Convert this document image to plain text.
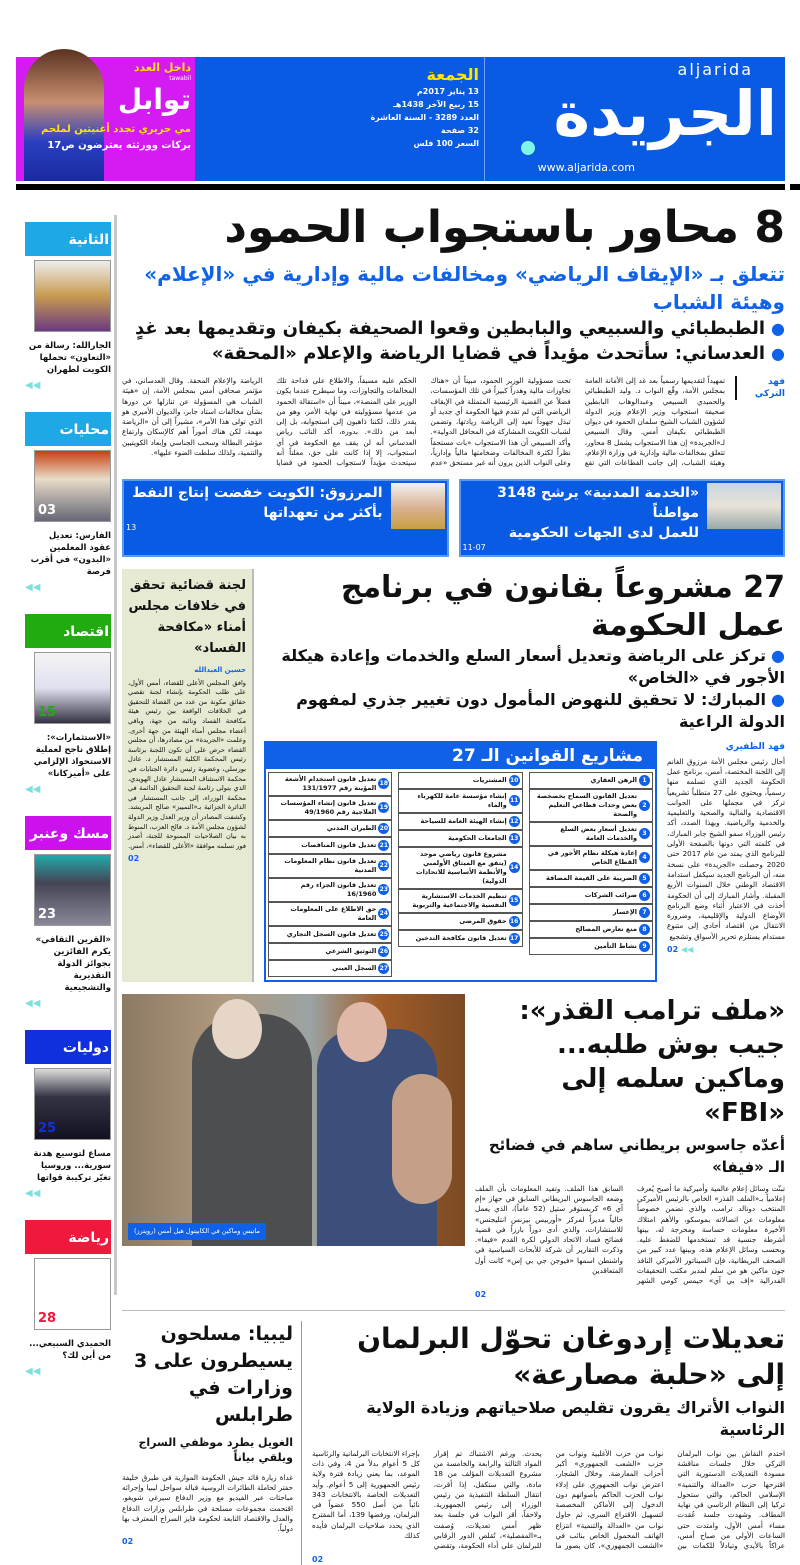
aljarida
الجريدة
www.aljarida.com
الجمعة
13 يناير 2017م
15 ربيع الآخر 1438هـ
العدد 3289 - السنة العاشرة
32 صفحة
السعر 100 فلس
داخل العدد
tawabil
توابل
مي حريري تجدد أغنيتين لملحم
بركات وورثته يعترضون ص17
الثانية
الجارالله: رسالة من «التعاون» تحملها الكويت لطهران
◀◀
محليات
03
الفارس: تعديل عقود المعلمين «البدون» في أقرب فرصة
◀◀
اقتصاد
15
«الاستثمارات»: إطلاق ناجح لعملية الاستحواذ الإلزامي على «أميركانا»
◀◀
مسك وعنبر
23
«القرين الثقافي» يكرم الفائزين بجوائز الدولة التقديرية والتشجيعية
◀◀
دوليات
25
مساع لتوسيع هدنة سورية... وروسيا تغيّر تركيبة قواتها
◀◀
رياضة
28
الحميدي السبيعي... من أين لك؟
◀◀
8 محاور باستجواب الحمود
تتعلق بـ «الإيقاف الرياضي» ومخالفات مالية وإدارية في «الإعلام» وهيئة الشباب
●الطبطبائي والسبيعي والبابطين وقعوا الصحيفة بكيفان وتقديمها بعد غدٍ
●العدساني: سأتحدث مؤيداً في قضايا الرياضة والإعلام «المحقة»
فهد التركي
تمهيداً لتقديمها رسمياً بعد غد إلى الأمانة العامة بمجلس الأمة، وقّع النواب د. وليد الطبطبائي والحميدي السبيعي وعبدالوهاب البابطين صحيفة استجواب وزير الإعلام وزير الدولة لشؤون الشباب الشيخ سلمان الحمود في ديوان الطبطبائي بكيفان أمس. وقال السبيعي لـ«الجريدة» إن هذا الاستجواب يشمل 8 محاور، تتعلق بمخالفات مالية وإدارية في وزارة الإعلام، وهيئة الشباب، إلى جانب القطاعات التي تقع تحت مسؤولية الوزير الحمود، مبيناً أن «هناك تجاوزات مالية وهدراً كبيراً في تلك المؤسسات، فضلاً عن القضية الرئيسية المتمثلة في الإيقاف الرياضي التي لم تقدم فيها الحكومة أي جديد أو تبذل جهوداً تعيد إلى الرياضة ريادتها، وتضمن لشباب الكويت المشاركة في المحافل الدولية». وأكد السبيعي أن هذا الاستجواب «بات مستحقاً نظراً لكثرة المخالفات وضخامتها مالياً وإدارياً، وعلى النواب الذين يرون أنه غير مستحق «عدم الحكم عليه مسبقاً، والاطلاع على فداحة تلك المخالفات والتجاوزات، وما سيطرح عندما يكون الوزير على المنصة»، مبيناً أن «استقالة الحمود من عدمها مسؤوليته في نهاية الأمر، وهو من يقدر ذلك، لكننا ذاهبون إلى استجوابه، بل إلى أبعد من ذلك». بدوره، أكد النائب رياض العدساني أنه لن يقف مع الحكومة في أي استجواب، إلا إذا كانت على حق، معلناً أنه سيتحدث مؤيداً لاستجواب الحمود في قضايا الرياضة والإعلام المحقة. وقال العدساني، في مؤتمر صحافي أمس بمجلس الأمة، إن «هيئة الشباب هي المسؤولة عن تنازلها عن دورها بشأن مخالفات استاد جابر، والديوان الأميري هو الذي تولى هذا الأمر»، مشيراً إلى أن «الرياضة مهمة، لكن هناك أموراً أهم كالإسكان وارتفاع مؤشر البطالة وسحب الجناسي وإبعاد الكويتيين والتنمية، ولذلك سلطت الضوء عليها».
«الخدمة المدنية» يرشح 3148 مواطناً
للعمل لدى الجهات الحكومية
11-07
المرزوق: الكويت خفضت إنتاج النفط
بأكثر من تعهداتها
13
27 مشروعاً بقانون في برنامج عمل الحكومة
●تركز على الرياضة وتعديل أسعار السلع والخدمات وإعادة هيكلة الأجور في «الخاص»
●المبارك: لا تحقيق للنهوض المأمول دون تغيير جذري لمفهوم الدولة الراعية
فهد الظفيري
أحال رئيس مجلس الأمة مرزوق الغانم إلى اللجنة المختصة، أمس، برنامج عمل الحكومة الجديد الذي تسلمه منها رسمياً، ويحتوي على 27 متطلباً تشريعياً تركز في مجملها على الجوانب الاقتصادية والمالية والصحية والتعليمية والخدمية والرياضية. وبهذا الصدد، أكد رئيس الوزراء سمو الشيخ جابر المبارك، في كلمته التي دونها بالصفحة الأولى للبرنامج الذي يمتد من عام 2017 حتى 2020 وحصلت «الجريدة» على نسخة منه، أن البرنامج الجديد سيكفل استدامة الاقتصاد الوطني خلال السنوات الأربع المقبلة. وأشار المبارك إلى أن الحكومة أخذت في الاعتبار أثناء وضع البرنامج الأوضاع الدولية والإقليمية، وضرورة الانتقال من اقتصاد أحادي إلى متنوع مستدام يستلزم تحرير الأسواق وتشجيع
◀◀ 02
مشاريع القوانين الـ 27
1
الرهن العقاري
2
تعديل القانون السماح بخصخصة بعض وحدات قطاعي التعليم والصحة
3
تعديل أسعار بعض السلع والخدمات العامة
4
إعادة هيكلة نظام الأجور في القطاع الخاص
5
الضريبة على القيمة المضافة
6
ضرائب الشركات
7
الإعسار
8
منع تعارض المصالح
9
نشاط التأمين
10
المشتريات
11
إنشاء مؤسسة عامة للكهرباء والماء
12
إنشاء الهيئة العامة للسياحة
13
الجامعات الحكومية
14
مشروع قانون رياضي موحد (يتفق مع الميثاق الأولمبي والأنظمة الأساسية للاتحادات الدولية)
15
تنظيم الخدمات الاستشارية النفسية والاجتماعية والتربوية
16
حقوق المرضى
17
تعديل قانون مكافحة التدخين
18
تعديل قانون استخدام الأشعة المؤينة رقم 131/1977
19
تعديل قانون إنشاء المؤسسات العلاجية رقم 49/1960
20
الطيران المدني
21
تعديل قانون المناقصات
22
تعديل قانون نظام المعلومات المدنية
23
تعديل قانون الجزاء رقم 16/1960
24
حق الاطلاع على المعلومات العامة
25
تعديل قانون السجل التجاري
26
التوثيق الشرعي
27
السجل العيني
لجنة قضائية تحقق في خلافات مجلس أمناء «مكافحة الفساد»
حسين العبدالله
وافق المجلس الأعلى للقضاء، أمس الأول، على طلب الحكومة بإنشاء لجنة تقصي حقائق مكونة من عدد من القضاة للتحقيق في الخلافات الواقعة بين رئيس هيئة مكافحة الفساد ونائبه من جهة، وباقي أعضاء مجلس أمناء الهيئة من جهة أخرى. وعلمت «الجريدة» من مصادرها، أن مجلس القضاء حرص على أن تكون اللجنة برئاسة رئيس المحكمة الكلية المستشار د. عادل بورسلي، وعضوية رئيس دائرة الجنايات في محكمة الاستئناف المستشار عادل الهويدي، الذي يتولى رئاسة لجنة التحقيق الدائمة في محكمة الوزراء، إلى جانب المستشار في الدائرة الجزائية بـ«التمييز» صالح المريشد. وكشفت المصادر أن وزير العدل وزير الدولة لشؤون مجلس الأمة د. فالح العزب، المنوط به بيان الصلاحيات الممنوحة للجنة، أصدر فور تسلمه موافقة «الأعلى للقضاء»، أمس.
02
«ملف ترامب القذر»: جيب بوش طلبه... وماكين سلمه إلى «FBI»
أعدّه جاسوس بريطاني ساهم في فضائح الـ «فيفا»
تبنّت وسائل إعلام عالمية وأميركية ما أصبح يُعرف إعلامياً بـ«الملف القذر» الخاص بالرئيس الأميركي المنتخب دونالد ترامب، والذي تضمن خصوصاً معلومات عن اتصالاته بموسكو، والأهم امتلاك الأخيرة معلومات حساسة ومحرجة له، بينها أشرطة جنسية قد تستخدمها للضغط عليه. وبحسب وسائل الإعلام هذه، وبينها عدد كبير من الصحف البريطانية، فإن السيناتور الأميركي النافذ جون ماكين هو من سلم لمدير مكتب التحقيقات الفدرالية «إف بي آي» جيمس كومي الشهر السابق هذا الملف. وتفيد المعلومات بأن الملف وضعه الجاسوس البريطاني السابق في جهاز «إم آي 6» كريستوفر ستيل (52 عاماً)، الذي يعمل حالياً مديراً لمركز «أوربيس بيزنس انتليجنس» للاستشارات، والذي أدى دوراً بارزاً في قضية فضائح فساد الاتحاد الدولي لكرة القدم «فيفا». وذكرت التقارير أن شركة للأبحاث السياسية في واشنطن اسمها «فيوجن جي بي إس» كانت أول المتعاقدين
02
ماتيس وماكين في الكابيتول هيل أمس (رويترز)
تعديلات إردوغان تحوّل البرلمان إلى «حلبة مصارعة»
النواب الأتراك يقرون تقليص صلاحياتهم وزيادة الولاية الرئاسية
احتدم النقاش بين نواب البرلمان التركي خلال جلسات مناقشة مسودة التعديلات الدستورية التي اقترحها حزب «العدالة والتنمية» الإسلامي الحاكم، والتي ستحول تركيا إلى النظام الرئاسي في نهاية المطاف. وشهدت جلسة عُقدت مساء أمس الأول، وامتدت حتى الساعات الأولى من صباح أمس، عراكاً بالأيدي وتبادلاً للكمات بين نواب من حزب الأغلبية ونواب من حزب «الشعب الجمهوري» أكبر أحزاب المعارضة. وخلال الشجار، اعترض نواب الجمهوري على إدلاء نواب الحزب الحاكم بأصواتهم دون الدخول إلى الأماكن المخصصة لتسهيل الاقتراع السري، ثم حاول نواب من «العدالة والتنمية» انتزاع الهاتف المحمول الخاص بنائب في «الشعب الجمهوري»، كان يصور ما يحدث. ورغم الاشتباك تم إقرار المواد الثالثة والرابعة والخامسة من مشروع التعديلات المؤلف من 18 مادة، والتي ستكفل، إذا أقرت، انتقال السلطة التنفيذية من رئيس الوزراء إلى رئيس الجمهورية. ولاحقاً، أقر النواب في جلسة بعد ظهر أمس تعديلات، وُصفت بـ«المفصلية»، تُقلص الدور الرقابي للبرلمان على أداء الحكومة، وتقضي بإجراء الانتخابات البرلمانية والرئاسية كل 5 أعوام بدلاً من 4، وفي ذات الموعد، بما يعني زيادة فترة ولاية رئيس الجمهورية إلى 5 أعوام. وأيد التعديلات الخاصة بالانتخابات 343 نائباً من أصل 550 عضواً في البرلمان، ورفضها 139، أما المقترح الذي يحدد صلاحيات البرلمان فأيده كذلك
02
ليبيا: مسلحون يسيطرون على 3 وزارات في طرابلس
الغويل يطرد موظفي السراج ويلقي بياناً
غداة زيارة قائد جيش الحكومة الموازية في طبرق خليفة حفتر لحاملة الطائرات الروسية قبالة سواحل ليبيا وإجرائه مباحثات عبر الفيديو مع وزير الدفاع سيرغي شويغو، اقتحمت مجموعات مسلحة في طرابلس وزارات الدفاع والعدل والاقتصاد التابعة لحكومة فايز السراج المعترف بها دولياً.
02
